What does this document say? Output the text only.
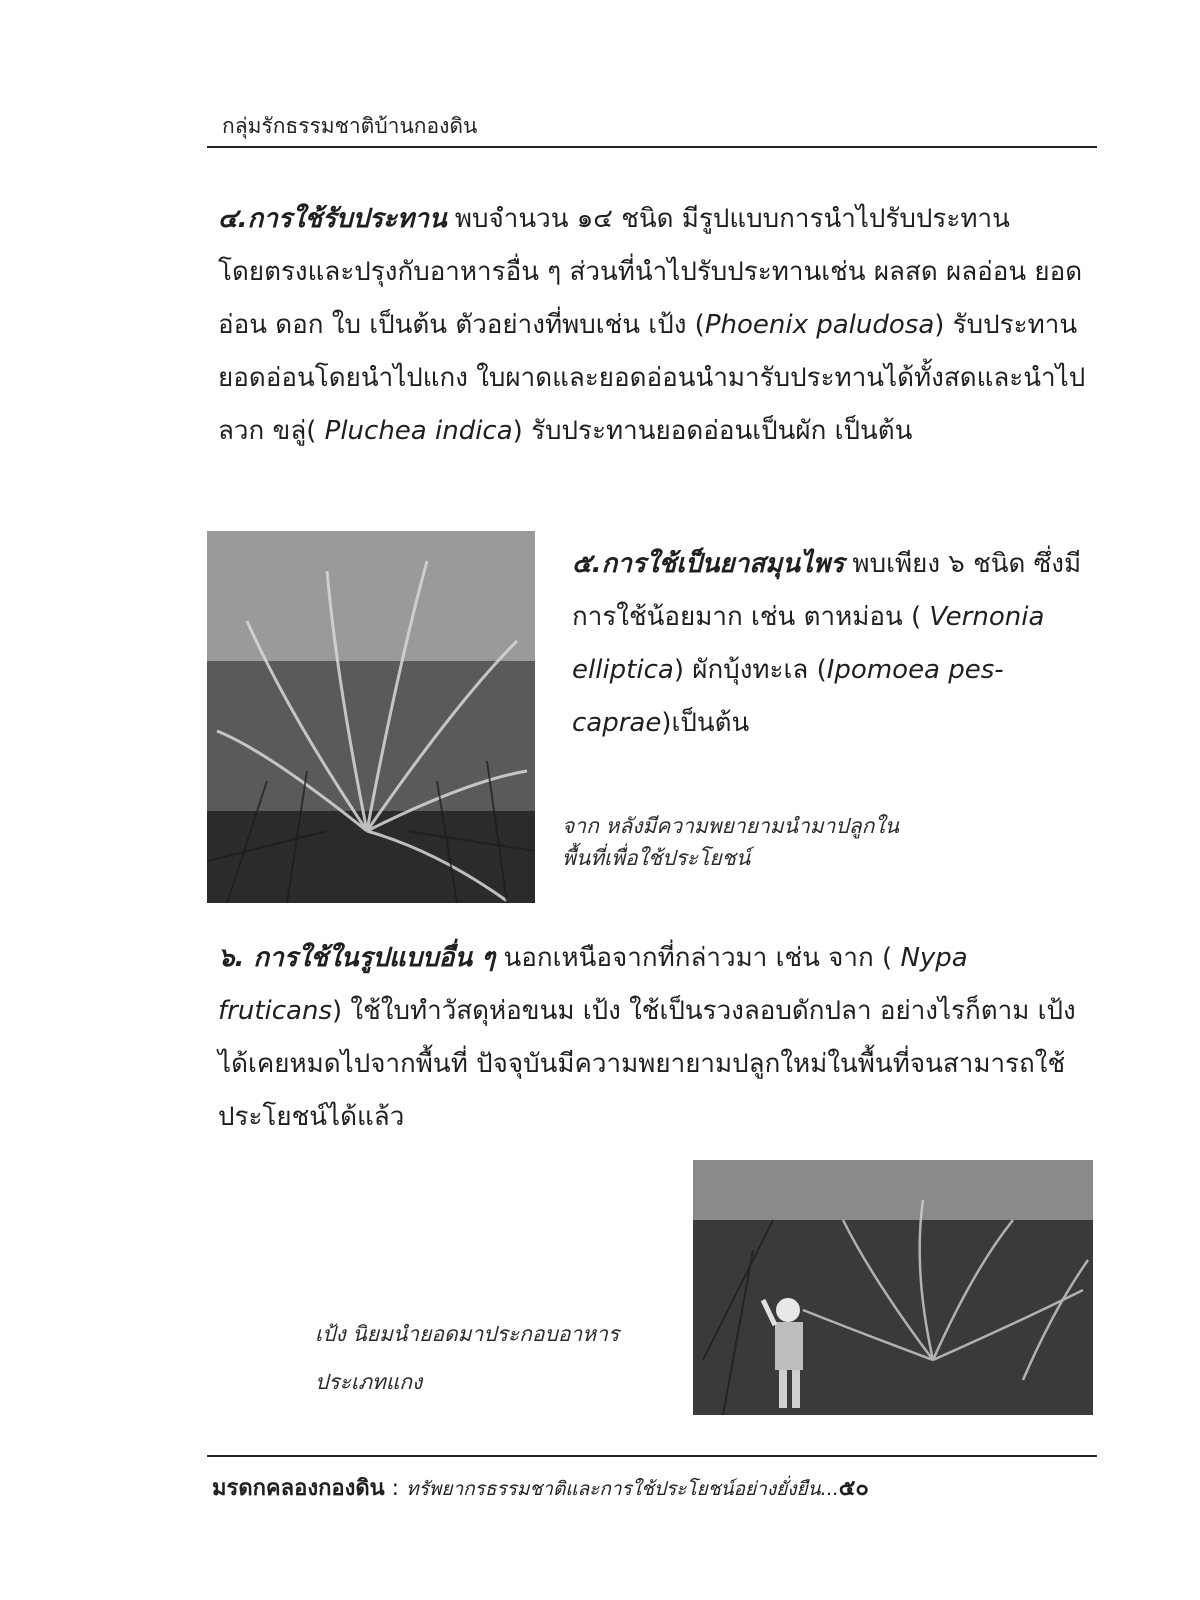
กลุ่มรักธรรมชาติบ้านกองดิน

๔.การใช้รับประทาน พบจำนวน ๑๔ ชนิด มีรูปแบบการนำไปรับประทานโดยตรงและปรุงกับอาหารอื่น ๆ ส่วนที่นำไปรับประทานเช่น ผลสด ผลอ่อน ยอดอ่อน ดอก ใบ เป็นต้น ตัวอย่างที่พบเช่น เป้ง (Phoenix paludosa) รับประทานยอดอ่อนโดยนำไปแกง ใบผาดและยอดอ่อนนำมารับประทานได้ทั้งสดและนำไปลวก ขลู่( Pluchea indica) รับประทานยอดอ่อนเป็นผัก เป็นต้น

๕.การใช้เป็นยาสมุนไพร พบเพียง ๖ ชนิด ซึ่งมีการใช้น้อยมาก เช่น ตาหม่อน ( Vernonia elliptica) ผักบุ้งทะเล (Ipomoea pes-caprae)เป็นต้น

จาก หลังมีความพยายามนำมาปลูกใน
พื้นที่เพื่อใช้ประโยชน์

๖. การใช้ในรูปแบบอื่น ๆ นอกเหนือจากที่กล่าวมา เช่น จาก ( Nypa fruticans) ใช้ใบทำวัสดุห่อขนม เป้ง ใช้เป็นรวงลอบดักปลา อย่างไรก็ตาม เป้งได้เคยหมดไปจากพื้นที่ ปัจจุบันมีความพยายามปลูกใหม่ในพื้นที่จนสามารถใช้ประโยชน์ได้แล้ว

เป้ง นิยมนำยอดมาประกอบอาหาร
ประเภทแกง

มรดกคลองกองดิน : ทรัพยากรธรรมชาติและการใช้ประโยชน์อย่างยั่งยืน...๕๐
